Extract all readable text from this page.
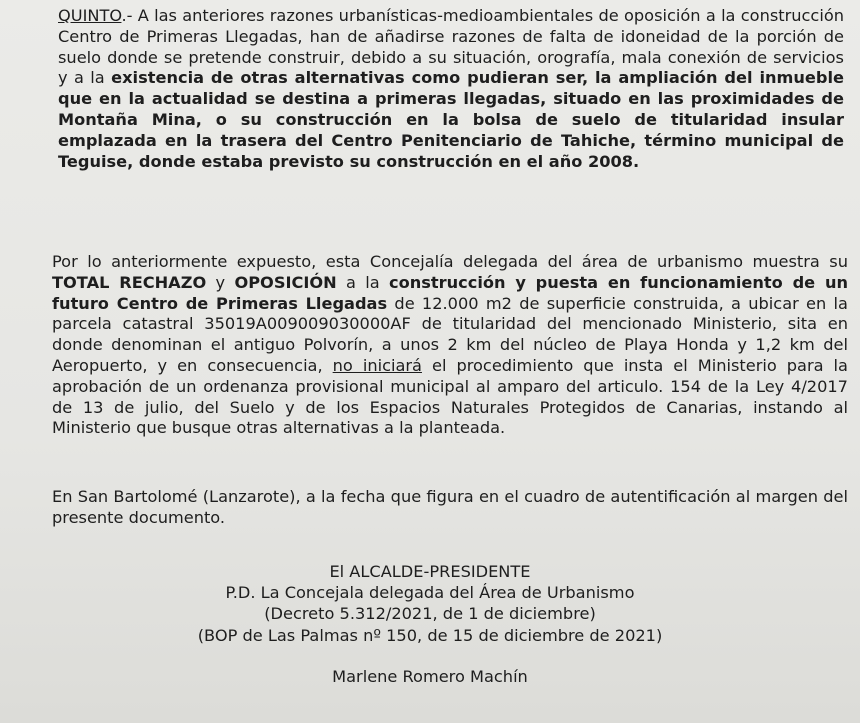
QUINTO.- A las anteriores razones urbanísticas-medioambientales de oposición a la construcción Centro de Primeras Llegadas, han de añadirse razones de falta de idoneidad de la porción de suelo donde se pretende construir, debido a su situación, orografía, mala conexión de servicios y a la existencia de otras alternativas como pudieran ser, la ampliación del inmueble que en la actualidad se destina a primeras llegadas, situado en las proximidades de Montaña Mina, o su construcción en la bolsa de suelo de titularidad insular emplazada en la trasera del Centro Penitenciario de Tahiche, término municipal de Teguise, donde estaba previsto su construcción en el año 2008.

Por lo anteriormente expuesto, esta Concejalía delegada del área de urbanismo muestra su TOTAL RECHAZO y OPOSICIÓN a la construcción y puesta en funcionamiento de un futuro Centro de Primeras Llegadas de 12.000 m2 de superficie construida, a ubicar en la parcela catastral 35019A009009030000AF de titularidad del mencionado Ministerio, sita en donde denominan el antiguo Polvorín, a unos 2 km del núcleo de Playa Honda y 1,2 km del Aeropuerto, y en consecuencia, no iniciará el procedimiento que insta el Ministerio para la aprobación de un ordenanza provisional municipal al amparo del articulo. 154 de la Ley 4/2017 de 13 de julio, del Suelo y de los Espacios Naturales Protegidos de Canarias, instando al Ministerio que busque otras alternativas a la planteada.

En San Bartolomé (Lanzarote), a la fecha que figura en el cuadro de autentificación al margen del presente documento.

El ALCALDE-PRESIDENTE

P.D. La Concejala delegada del Área de Urbanismo

(Decreto 5.312/2021, de 1 de diciembre)

(BOP de Las Palmas nº 150, de 15 de diciembre de 2021)

Marlene Romero Machín
